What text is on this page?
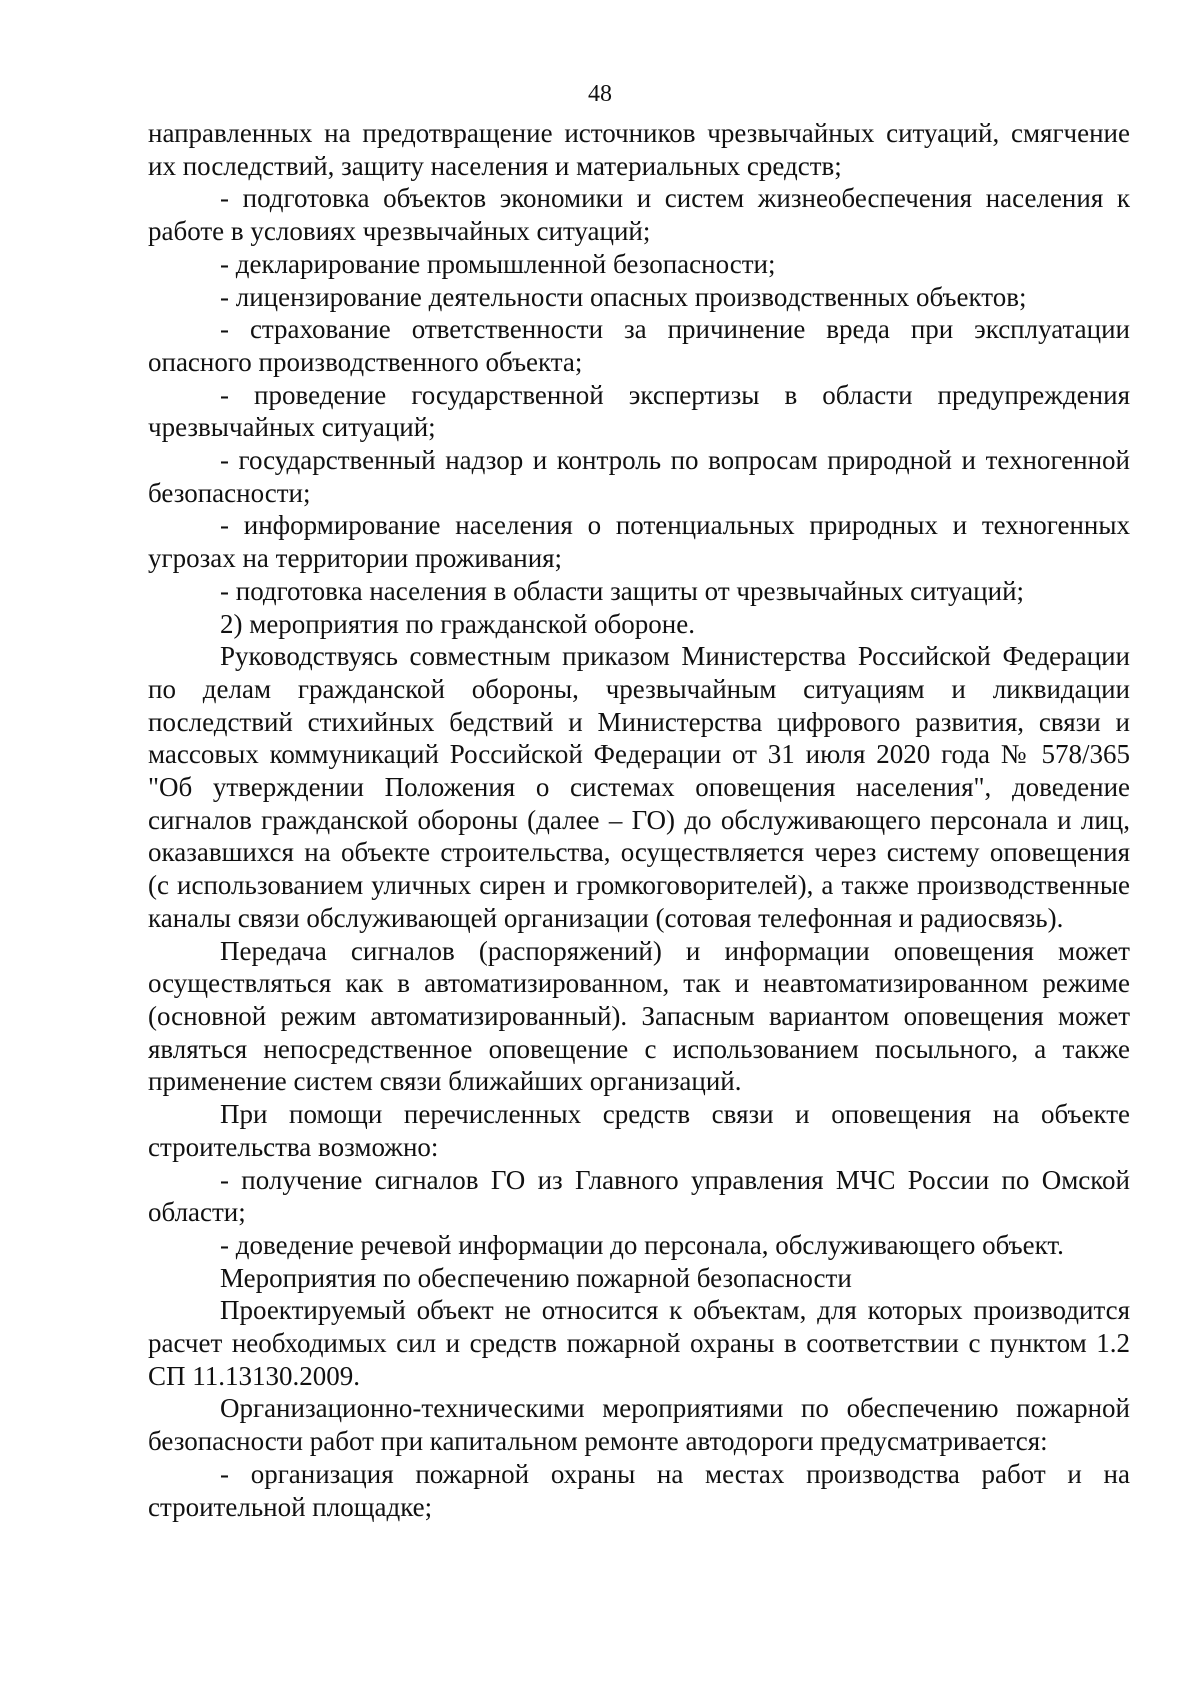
48

направленных на предотвращение источников чрезвычайных ситуаций, смягчение их последствий, защиту населения и материальных средств;

- подготовка объектов экономики и систем жизнеобеспечения населения к работе в условиях чрезвычайных ситуаций;

- декларирование промышленной безопасности;

- лицензирование деятельности опасных производственных объектов;

- страхование ответственности за причинение вреда при эксплуатации опасного производственного объекта;

- проведение государственной экспертизы в области предупреждения чрезвычайных ситуаций;

- государственный надзор и контроль по вопросам природной и техногенной безопасности;

- информирование населения о потенциальных природных и техногенных угрозах на территории проживания;

- подготовка населения в области защиты от чрезвычайных ситуаций;

2) мероприятия по гражданской обороне.

Руководствуясь совместным приказом Министерства Российской Федерации по делам гражданской обороны, чрезвычайным ситуациям и ликвидации последствий стихийных бедствий и Министерства цифрового развития, связи и массовых коммуникаций Российской Федерации от 31 июля 2020 года № 578/365 "Об утверждении Положения о системах оповещения населения", доведение сигналов гражданской обороны (далее – ГО) до обслуживающего персонала и лиц, оказавшихся на объекте строительства, осуществляется через систему оповещения (с использованием уличных сирен и громкоговорителей), а также производственные каналы связи обслуживающей организации (сотовая телефонная и радиосвязь).

Передача сигналов (распоряжений) и информации оповещения может осуществляться как в автоматизированном, так и неавтоматизированном режиме (основной режим автоматизированный). Запасным вариантом оповещения может являться непосредственное оповещение с использованием посыльного, а также применение систем связи ближайших организаций.

При помощи перечисленных средств связи и оповещения на объекте строительства возможно:

- получение сигналов ГО из Главного управления МЧС России по Омской области;

- доведение речевой информации до персонала, обслуживающего объект.

Мероприятия по обеспечению пожарной безопасности

Проектируемый объект не относится к объектам, для которых производится расчет необходимых сил и средств пожарной охраны в соответствии с пунктом 1.2 СП 11.13130.2009.

Организационно-техническими мероприятиями по обеспечению пожарной безопасности работ при капитальном ремонте автодороги предусматривается:

- организация пожарной охраны на местах производства работ и на строительной площадке;
